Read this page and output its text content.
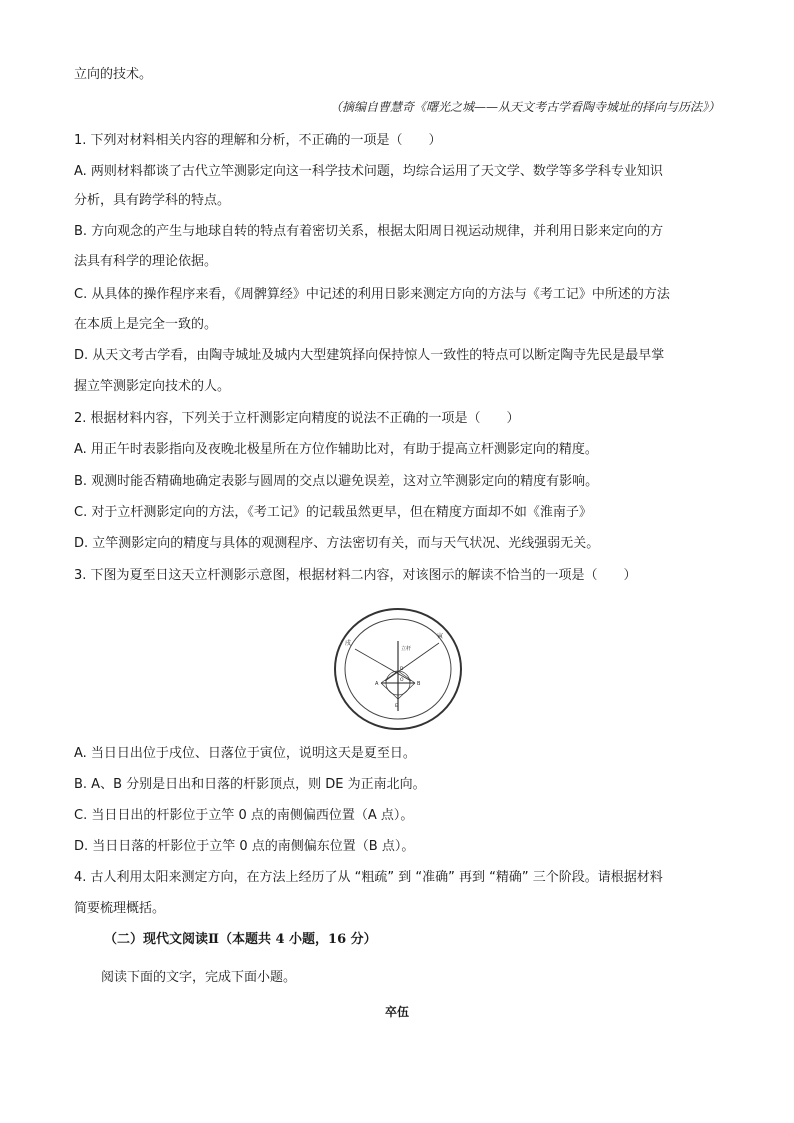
立向的技术。
（摘编自曹慧奇《曙光之城——从天文考古学看陶寺城址的择向与历法》）
1. 下列对材料相关内容的理解和分析，不正确的一项是（　　）
A. 两则材料都谈了古代立竿测影定向这一科学技术问题，均综合运用了天文学、数学等多学科专业知识
分析，具有跨学科的特点。
B. 方向观念的产生与地球自转的特点有着密切关系，根据太阳周日视运动规律，并利用日影来定向的方
法具有科学的理论依据。
C. 从具体的操作程序来看，《周髀算经》中记述的利用日影来测定方向的方法与《考工记》中所述的方法
在本质上是完全一致的。
D. 从天文考古学看，由陶寺城址及城内大型建筑择向保持惊人一致性的特点可以断定陶寺先民是最早掌
握立竿测影定向技术的人。
2. 根据材料内容，下列关于立杆测影定向精度的说法不正确的一项是（　　）
A. 用正午时表影指向及夜晚北极星所在方位作辅助比对，有助于提高立杆测影定向的精度。
B. 观测时能否精确地确定表影与圆周的交点以避免误差，这对立竿测影定向的精度有影响。
C. 对于立杆测影定向的方法，《考工记》的记载虽然更早，但在精度方面却不如《淮南子》
D. 立竿测影定向的精度与具体的观测程序、方法密切有关，而与天气状况、光线强弱无关。
3. 下图为夏至日这天立杆测影示意图，根据材料二内容，对该图示的解读不恰当的一项是（　　）
戌
寅
立杆
A	B
O
D
E
A. 当日日出位于戌位、日落位于寅位，说明这天是夏至日。
B. A、B 分别是日出和日落的杆影顶点，则 DE 为正南北向。
C. 当日日出的杆影位于立竿 0 点的南侧偏西位置（A 点）。
D. 当日日落的杆影位于立竿 0 点的南侧偏东位置（B 点）。
4. 古人利用太阳来测定方向，在方法上经历了从 “粗疏” 到 “准确” 再到 “精确” 三个阶段。请根据材料
简要梳理概括。
（二）现代文阅读Ⅱ（本题共 4 小题，16 分）
阅读下面的文字，完成下面小题。
卒伍
